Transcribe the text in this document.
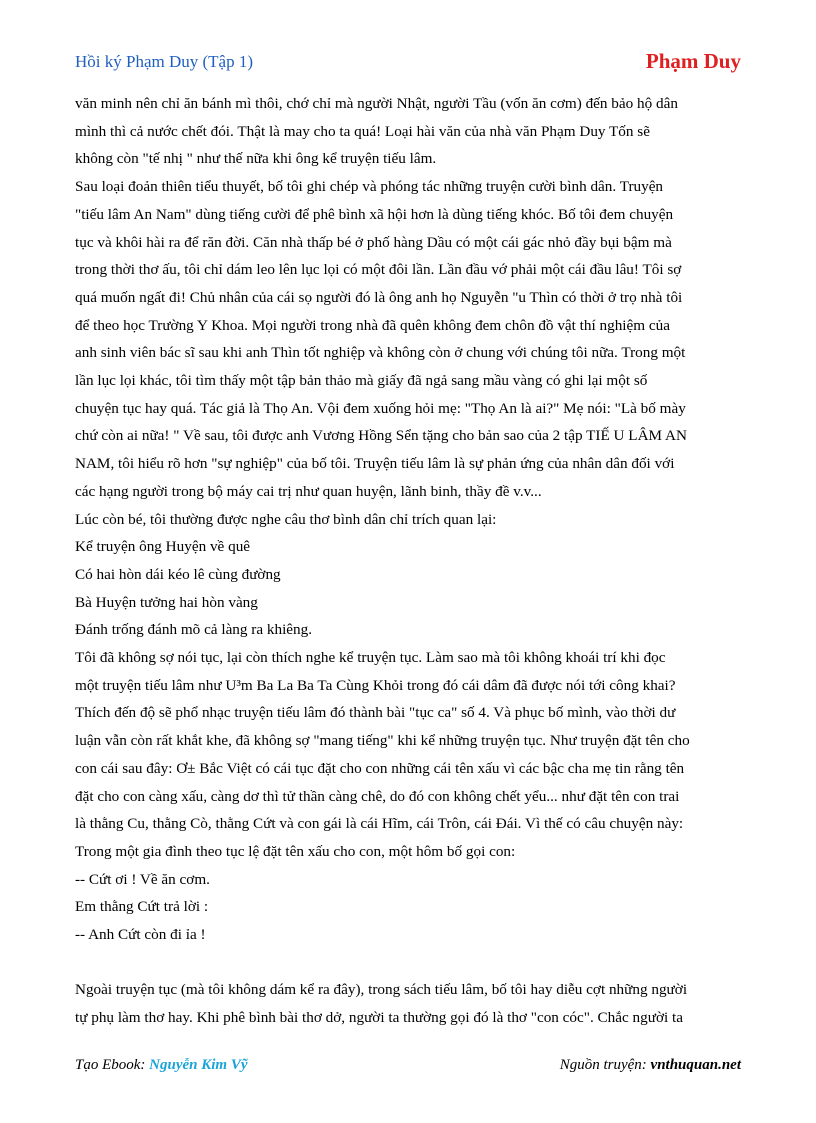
Hồi ký Phạm Duy (Tập 1)	Phạm Duy
văn minh nên chỉ ăn bánh mì thôi, chớ chỉ mà người Nhật, người Tầu (vốn ăn cơm) đến bảo hộ dân
mình thì cả nước chết đói. Thật là may cho ta quá! Loại hài văn của nhà văn Phạm Duy Tốn sẽ
không còn "tế nhị " như thế nữa khi ông kể truyện tiếu lâm.
Sau loại đoản thiên tiểu thuyết, bố tôi ghi chép và phóng tác những truyện cười bình dân. Truyện
"tiếu lâm An Nam" dùng tiếng cười để phê bình xã hội hơn là dùng tiếng khóc. Bố tôi đem chuyện
tục và khôi hài ra để răn đời. Căn nhà thấp bé ở phố hàng Dầu có một cái gác nhỏ đầy bụi bậm mà
trong thời thơ ấu, tôi chỉ dám leo lên lục lọi có một đôi lần. Lần đầu vớ phải một cái đầu lâu! Tôi sợ
quá muốn ngất đi! Chủ nhân của cái sọ người đó là ông anh họ Nguyễn "u Thìn có thời ở trọ nhà tôi
để theo học Trường Y Khoa. Mọi người trong nhà đã quên không đem chôn đồ vật thí nghiệm của
anh sinh viên bác sĩ sau khi anh Thìn tốt nghiệp và không còn ở chung với chúng tôi nữa. Trong một
lần lục lọi khác, tôi tìm thấy một tập bản thảo mà giấy đã ngả sang mầu vàng có ghi lại một số
chuyện tục hay quá. Tác giả là Thọ An. Vội đem xuống hỏi mẹ: "Thọ An là ai?" Mẹ nói: "Là bố mày
chứ còn ai nữa! " Về sau, tôi được anh Vương Hồng Sển tặng cho bản sao của 2 tập TIẾ U LÂM AN
NAM, tôi hiểu rõ hơn "sự nghiệp" của bố tôi. Truyện tiếu lâm là sự phản ứng của nhân dân đối với
các hạng người trong bộ máy cai trị như quan huyện, lãnh binh, thầy đề v.v...
Lúc còn bé, tôi thường được nghe câu thơ bình dân chỉ trích quan lại:
Kể truyện ông Huyện về quê
Có hai hòn dái kéo lê cùng đường
Bà Huyện tưởng hai hòn vàng
Đánh trống đánh mõ cả làng ra khiêng.
Tôi đã không sợ nói tục, lại còn thích nghe kể truyện tục. Làm sao mà tôi không khoái trí khi đọc
một truyện tiếu lâm như U³m Ba La Ba Ta Cùng Khỏi trong đó cái dâm đã được nói tới công khai?
Thích đến độ sẽ phổ nhạc truyện tiếu lâm đó thành bài "tục ca" số 4. Và phục bố mình, vào thời dư
luận vẫn còn rất khắt khe, đã không sợ "mang tiếng" khi kể những truyện tục. Như truyện đặt tên cho
con cái sau đây: Ơ± Bắc Việt có cái tục đặt cho con những cái tên xấu vì các bậc cha mẹ tin rằng tên
đặt cho con càng xấu, càng dơ thì tử thần càng chê, do đó con không chết yểu... như đặt tên con trai
là thằng Cu, thằng Cò, thằng Cứt và con gái là cái Hĩm, cái Trôn, cái Đái. Vì thế có câu chuyện này:
Trong một gia đình theo tục lệ đặt tên xấu cho con, một hôm bố gọi con:
-- Cứt ơi ! Về ăn cơm.
Em thằng Cứt trả lời :
-- Anh Cứt còn đi ỉa !
Ngoài truyện tục (mà tôi không dám kể ra đây), trong sách tiếu lâm, bố tôi hay diễu cợt những người
tự phụ làm thơ hay. Khi phê bình bài thơ dở, người ta thường gọi đó là thơ "con cóc". Chắc người ta
Tạo Ebook: Nguyễn Kim Vỹ	Nguồn truyện: vnthuquan.net
